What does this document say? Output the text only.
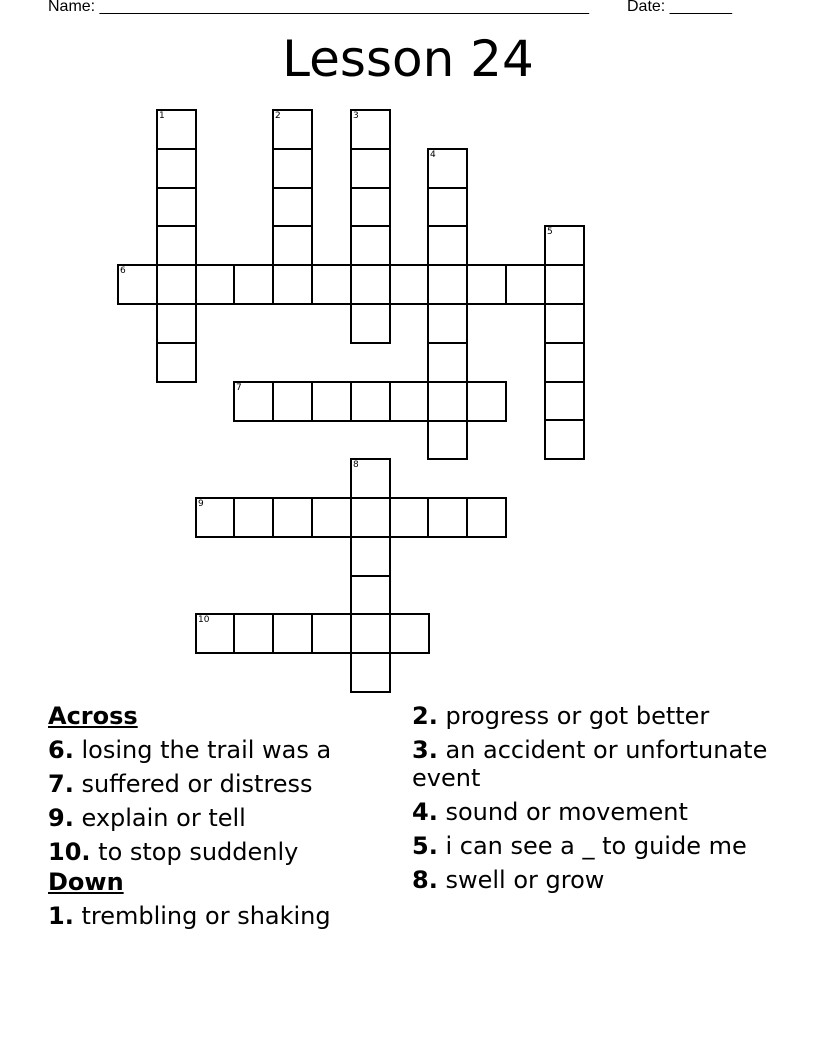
Name: _______________________________________________________ Date: _______
Lesson 24
1	2	3
4
5
6
7
8
9
10
Across
6. losing the trail was a
7. suffered or distress
9. explain or tell
10. to stop suddenly
Down
1. trembling or shaking
2. progress or got better
3. an accident or unfortunate event
4. sound or movement
5. i can see a _ to guide me
8. swell or grow
